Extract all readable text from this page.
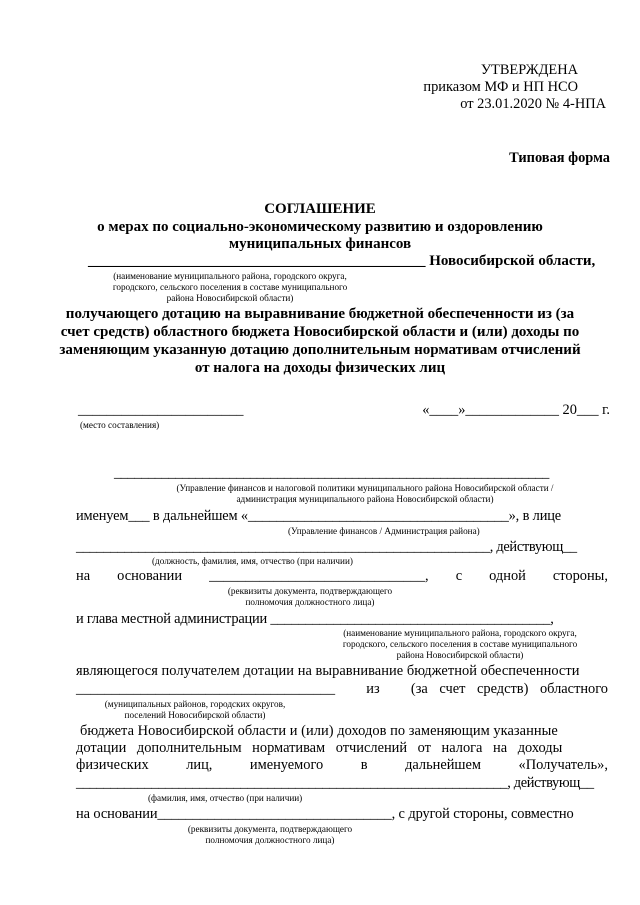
УТВЕРЖДЕНА

приказом МФ и НП НСО

от 23.01.2020 № 4-НПА

Типовая форма

СОГЛАШЕНИЕ

о мерах по социально-экономическому развитию и оздоровлению

муниципальных финансов

_____________________________________________ Новосибирской области,

(наименование муниципального района, городского округа,

городского, сельского поселения в составе муниципального

района Новосибирской области)

получающего дотацию на выравнивание бюджетной обеспеченности из (за

счет средств) областного бюджета Новосибирской области и (или) доходы по

заменяющим указанную дотацию дополнительным нормативам отчислений

от налога на доходы физических лиц

_______________________	«____»_____________ 20___ г.

(место составления)

________________________________________________________________

(Управление финансов и налоговой политики муниципального района Новосибирской области /

администрация муниципального района Новосибирской области)

именуем___ в дальнейшем «_____________________________________», в лице

(Управление финансов / Администрация района)

____________________________________________________________, действующ__

(должность, фамилия, имя, отчество (при наличии)

на основании ______________________________, с одной стороны,

(реквизиты документа, подтверждающего

полномочия должностного лица)

и глава местной администрации ________________________________________,

(наименование муниципального района, городского округа,

городского, сельского поселения в составе муниципального

района Новосибирской области)

являющегося получателем дотации на выравнивание бюджетной обеспеченности

____________________________________ из (за счет средств) областного

(муниципальных районов, городских округов,

поселений Новосибирской области)

бюджета Новосибирской области и (или) доходов по заменяющим указанные

дотации дополнительным нормативам отчислений от налога на доходы

физических	лиц,	именуемого	в	дальнейшем	«Получатель»,

_______________________________________________________________, действующ__

(фамилия, имя, отчество (при наличии)

на основании_________________________________, с другой стороны, совместно

(реквизиты документа, подтверждающего

полномочия должностного лица)
